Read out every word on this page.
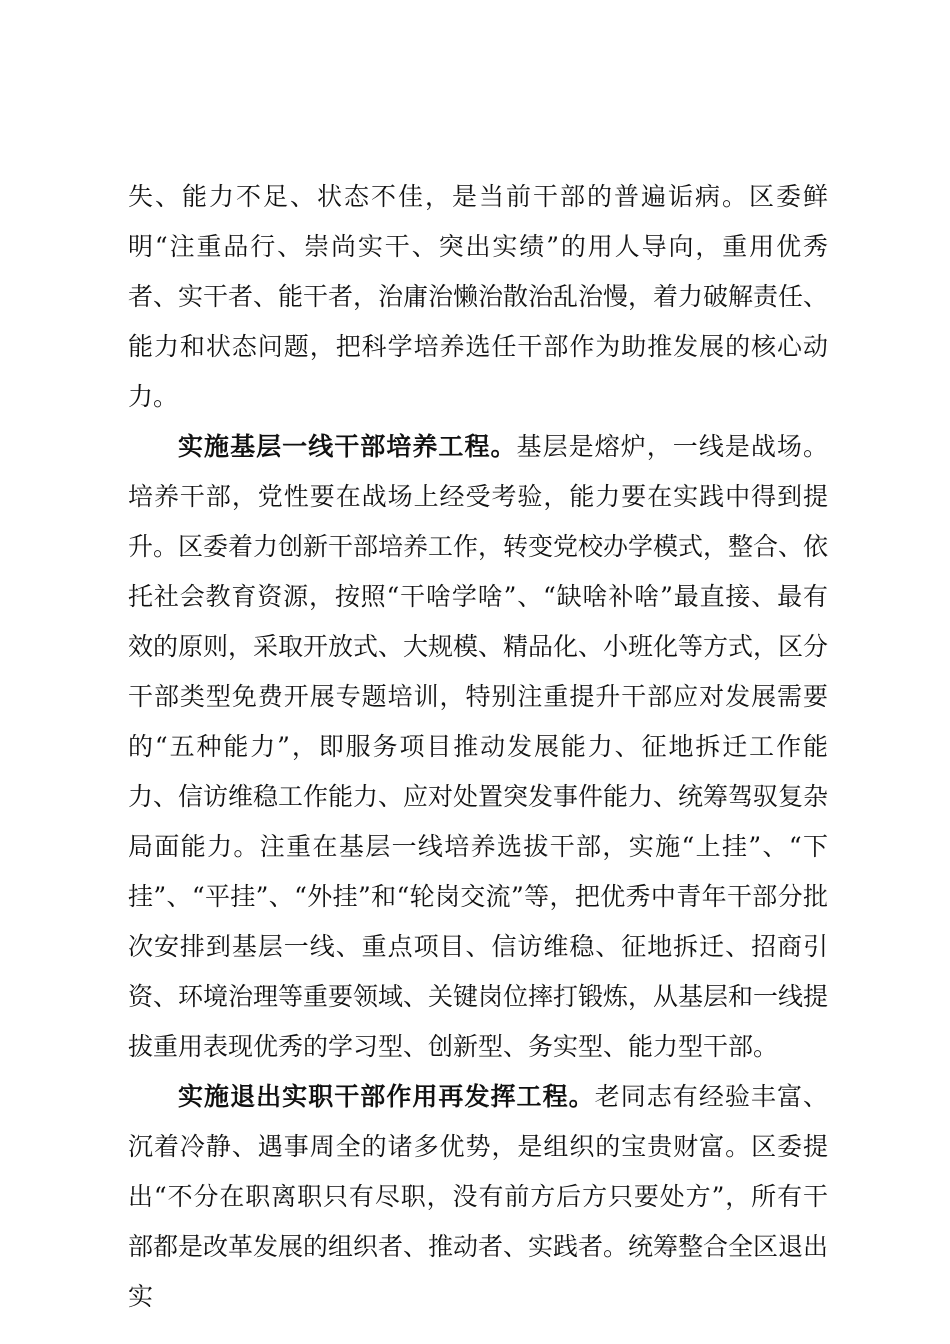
失、能力不足、状态不佳，是当前干部的普遍诟病。区委鲜明“注重品行、崇尚实干、突出实绩”的用人导向，重用优秀者、实干者、能干者，治庸治懒治散治乱治慢，着力破解责任、能力和状态问题，把科学培养选任干部作为助推发展的核心动力。

实施基层一线干部培养工程。基层是熔炉，一线是战场。培养干部，党性要在战场上经受考验，能力要在实践中得到提升。区委着力创新干部培养工作，转变党校办学模式，整合、依托社会教育资源，按照“干啥学啥”、“缺啥补啥”最直接、最有效的原则，采取开放式、大规模、精品化、小班化等方式，区分干部类型免费开展专题培训，特别注重提升干部应对发展需要的“五种能力”，即服务项目推动发展能力、征地拆迁工作能力、信访维稳工作能力、应对处置突发事件能力、统筹驾驭复杂局面能力。注重在基层一线培养选拔干部，实施“上挂”、“下挂”、“平挂”、“外挂”和“轮岗交流”等，把优秀中青年干部分批次安排到基层一线、重点项目、信访维稳、征地拆迁、招商引资、环境治理等重要领域、关键岗位摔打锻炼，从基层和一线提拔重用表现优秀的学习型、创新型、务实型、能力型干部。

实施退出实职干部作用再发挥工程。老同志有经验丰富、沉着冷静、遇事周全的诸多优势，是组织的宝贵财富。区委提出“不分在职离职只有尽职，没有前方后方只要处方”，所有干部都是改革发展的组织者、推动者、实践者。统筹整合全区退出实
